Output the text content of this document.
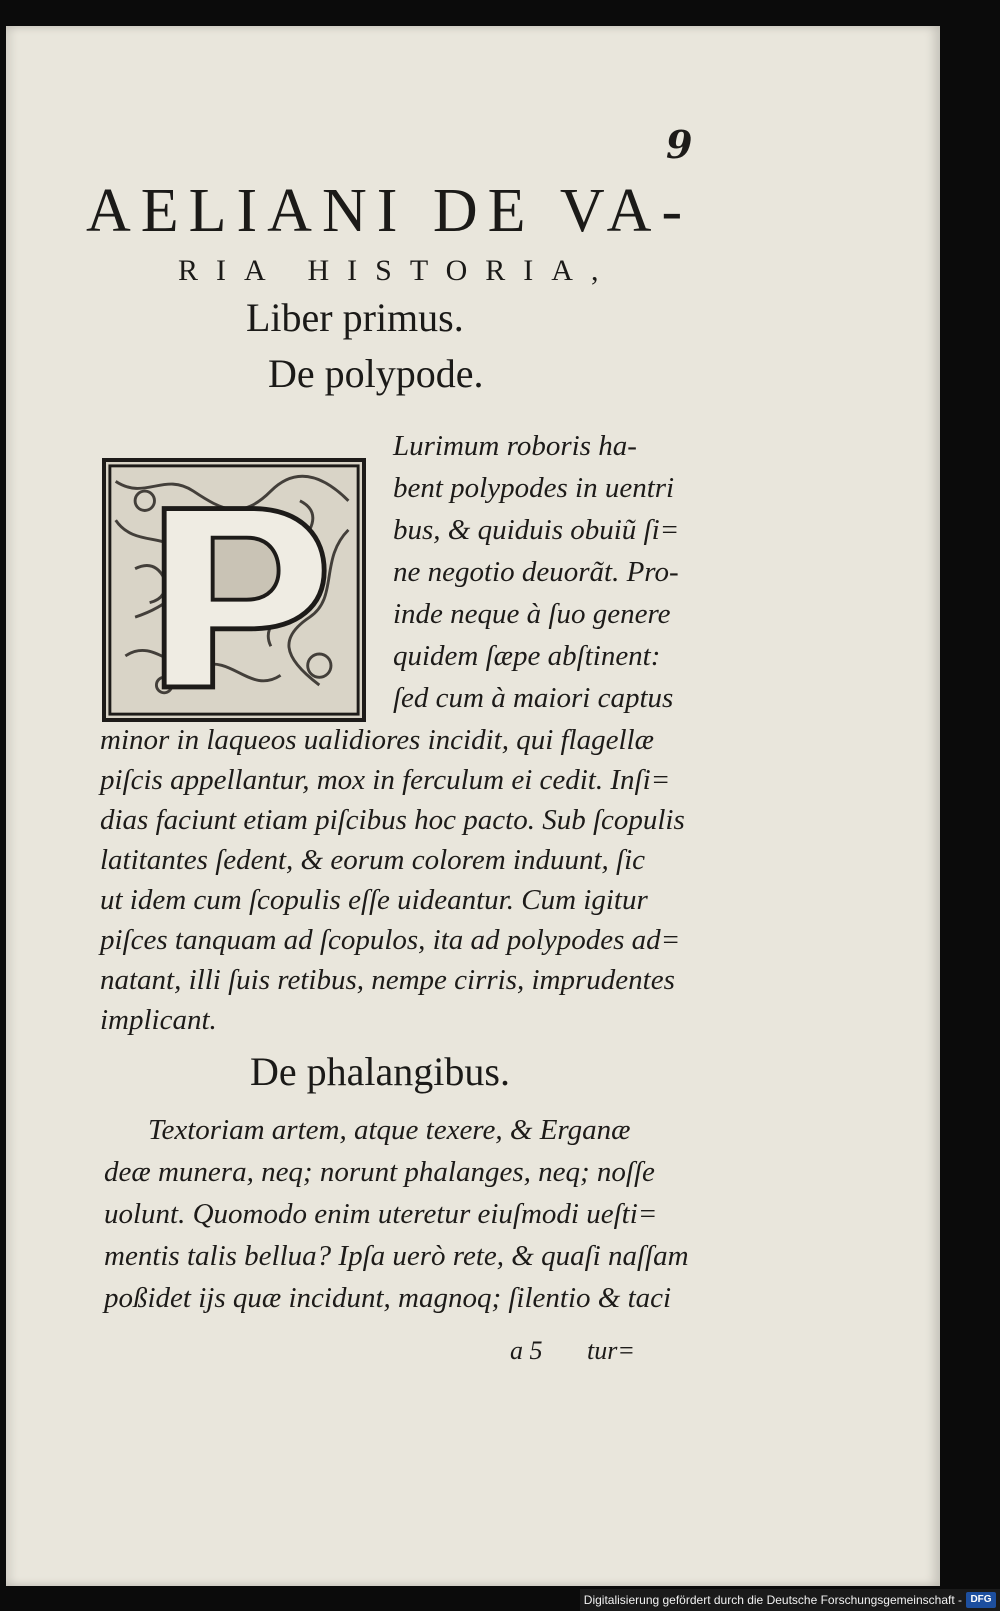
9
AELIANI DE VA-
RIA HISTORIA,
Liber primus.
De polypode.
Lurimum roboris ha-
bent polypodes in uentri
bus, & quiduis obuiũ ſi=
ne negotio deuorãt. Pro-
inde neque à ſuo genere
quidem ſæpe abſtinent:
ſed cum à maiori captus
minor in laqueos ualidiores incidit, qui flagellæ
piſcis appellantur, mox in ferculum ei cedit. Inſi=
dias faciunt etiam piſcibus hoc pacto. Sub ſcopulis
latitantes ſedent, & eorum colorem induunt, ſic
ut idem cum ſcopulis eſſe uideantur. Cum igitur
piſces tanquam ad ſcopulos, ita ad polypodes ad=
natant, illi ſuis retibus, nempe cirris, imprudentes
implicant.
De phalangibus.
Textoriam artem, atque texere, & Erganæ
deæ munera, neq; norunt phalanges, neq; noſſe
uolunt. Quomodo enim uteretur eiuſmodi ueſti=
mentis talis bellua? Ipſa uerò rete, & quaſi naſſam
poßidet ijs quæ incidunt, magnoq; ſilentio & taci
a 5 tur=
Digitalisierung gefördert durch die Deutsche Forschungsgemeinschaft - DFG
